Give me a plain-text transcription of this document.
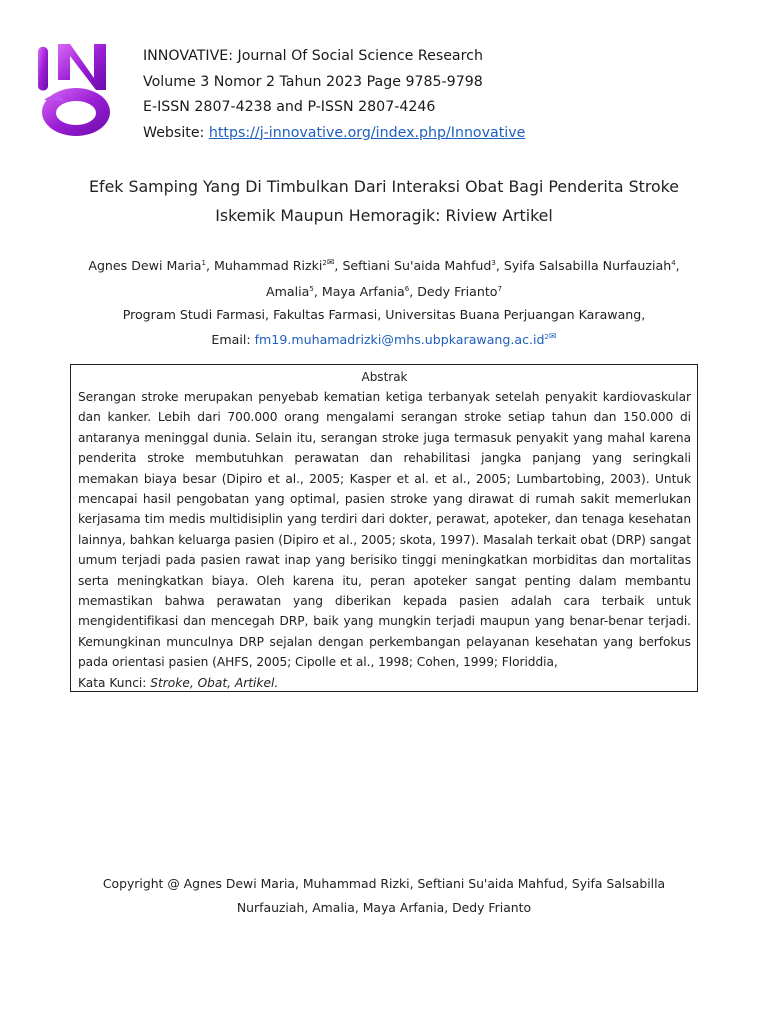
INNOVATIVE: Journal Of Social Science Research
Volume 3 Nomor 2 Tahun 2023 Page 9785-9798
E-ISSN 2807-4238 and P-ISSN 2807-4246
Website: https://j-innovative.org/index.php/Innovative
Efek Samping Yang Di Timbulkan Dari Interaksi Obat Bagi Penderita Stroke
Iskemik Maupun Hemoragik: Riview Artikel
Agnes Dewi Maria$^1$, Muhammad Rizki$^2$✉, Seftiani Su'aida Mahfud$^3$, Syifa Salsabilla Nurfauziah$^4$,
Amalia$^5$, Maya Arfania$^6$, Dedy Frianto$^7$
Program Studi Farmasi, Fakultas Farmasi, Universitas Buana Perjuangan Karawang,
Email: $fm19.muhamadrizki@mhs.ubpkarawang.ac.id^2✉$
Abstrak
Serangan stroke merupakan penyebab kematian ketiga terbanyak setelah penyakit kardiovaskular dan kanker. Lebih dari 700.000 orang mengalami serangan stroke setiap tahun dan 150.000 di antaranya meninggal dunia. Selain itu, serangan stroke juga termasuk penyakit yang mahal karena penderita stroke membutuhkan perawatan dan rehabilitasi jangka panjang yang seringkali memakan biaya besar (Dipiro et al., 2005; Kasper et al. et al., 2005; Lumbartobing, 2003). Untuk mencapai hasil pengobatan yang optimal, pasien stroke yang dirawat di rumah sakit memerlukan kerjasama tim medis multidisiplin yang terdiri dari dokter, perawat, apoteker, dan tenaga kesehatan lainnya, bahkan keluarga pasien (Dipiro et al., 2005; skota, 1997). Masalah terkait obat (DRP) sangat umum terjadi pada pasien rawat inap yang berisiko tinggi meningkatkan morbiditas dan mortalitas serta meningkatkan biaya. Oleh karena itu, peran apoteker sangat penting dalam membantu memastikan bahwa perawatan yang diberikan kepada pasien adalah cara terbaik untuk mengidentifikasi dan mencegah DRP, baik yang mungkin terjadi maupun yang benar-benar terjadi. Kemungkinan munculnya DRP sejalan dengan perkembangan pelayanan kesehatan yang berfokus pada orientasi pasien (AHFS, 2005; Cipolle et al., 1998; Cohen, 1999; Floriddia,
Kata Kunci: Stroke, Obat, Artikel.
Copyright @ Agnes Dewi Maria, Muhammad Rizki, Seftiani Su'aida Mahfud, Syifa Salsabilla
Nurfauziah, Amalia, Maya Arfania, Dedy Frianto
